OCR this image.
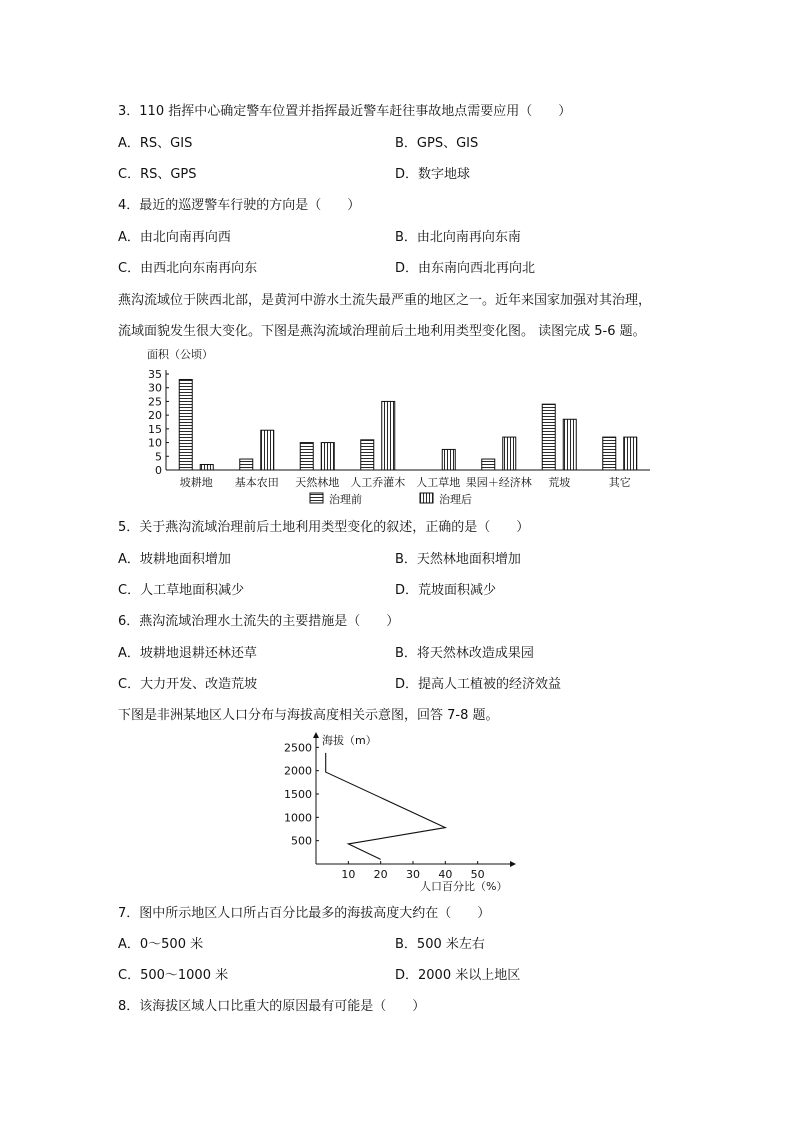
3．110 指挥中心确定警车位置并指挥最近警车赶往事故地点需要应用（　　）
A．RS、GIS	B．GPS、GIS
C．RS、GPS	D．数字地球
4．最近的巡逻警车行驶的方向是（　　）
A．由北向南再向西	B．由北向南再向东南
C．由西北向东南再向东	D．由东南向西北再向北
燕沟流域位于陕西北部，是黄河中游水土流失最严重的地区之一。近年来国家加强对其治理，
流域面貌发生很大变化。下图是燕沟流域治理前后土地利用类型变化图。 读图完成 5-6 题。
面积（公顷）
0
5
10
15
20
25
30
35
坡耕地 基本农田 天然林地 人工乔灌木 人工草地 果园＋经济林 荒坡	其它
治理前	治理后
5．关于燕沟流域治理前后土地利用类型变化的叙述，正确的是（　　）
A．坡耕地面积增加	B．天然林地面积增加
C．人工草地面积减少	D．荒坡面积减少
6．燕沟流域治理水土流失的主要措施是（　　）
A．坡耕地退耕还林还草	B．将天然林改造成果园
C．大力开发、改造荒坡	D．提高人工植被的经济效益
下图是非洲某地区人口分布与海拔高度相关示意图，回答 7-8 题。
海拔（m）
人口百分比（%）
500
1000
1500
2000
2500
10 20 30 40 50
7．图中所示地区人口所占百分比最多的海拔高度大约在（　　）
A．0～500 米	B．500 米左右
C．500～1000 米	D．2000 米以上地区
8．该海拔区域人口比重大的原因最有可能是（　　）
